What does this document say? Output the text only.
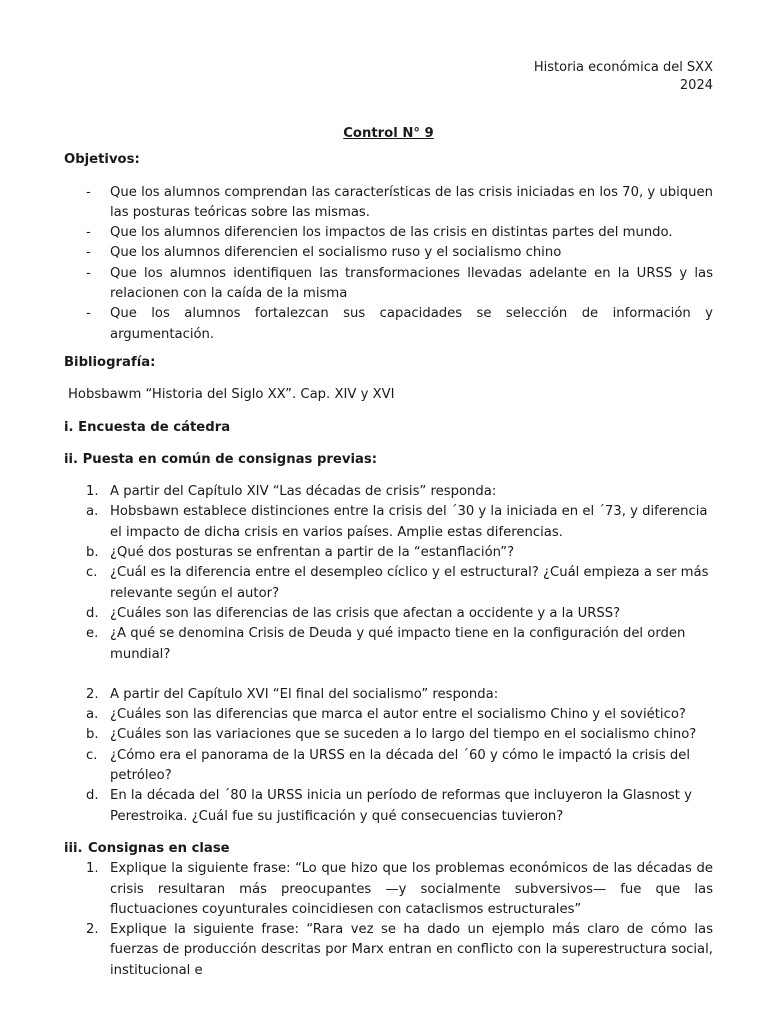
Historia económica del SXX
2024
Control N° 9
Objetivos:
-	Que los alumnos comprendan las características de las crisis iniciadas en los 70, y ubiquen las posturas teóricas sobre las mismas.
-	Que los alumnos diferencien los impactos de las crisis en distintas partes del mundo.
-	Que los alumnos diferencien el socialismo ruso y el socialismo chino
-	Que los alumnos identifiquen las transformaciones llevadas adelante en la URSS y las relacionen con la caída de la misma
-	Que los alumnos fortalezcan sus capacidades se selección de información y argumentación.
Bibliografía:
Hobsbawm “Historia del Siglo XX”. Cap. XIV y XVI
i. Encuesta de cátedra
ii. Puesta en común de consignas previas:
1. A partir del Capítulo XIV “Las décadas de crisis” responda:
a. Hobsbawn establece distinciones entre la crisis del ´30 y la iniciada en el ´73, y diferencia el impacto de dicha crisis en varios países. Amplie estas diferencias.
b. ¿Qué dos posturas se enfrentan a partir de la “estanflación”?
c. ¿Cuál es la diferencia entre el desempleo cíclico y el estructural? ¿Cuál empieza a ser más relevante según el autor?
d. ¿Cuáles son las diferencias de las crisis que afectan a occidente y a la URSS?
e. ¿A qué se denomina Crisis de Deuda y qué impacto tiene en la configuración del orden mundial?
2. A partir del Capítulo XVI “El final del socialismo” responda:
a. ¿Cuáles son las diferencias que marca el autor entre el socialismo Chino y el soviético?
b. ¿Cuáles son las variaciones que se suceden a lo largo del tiempo en el socialismo chino?
c. ¿Cómo era el panorama de la URSS en la década del ´60 y cómo le impactó la crisis del petróleo?
d. En la década del ´80 la URSS inicia un período de reformas que incluyeron la Glasnost y Perestroika. ¿Cuál fue su justificación y qué consecuencias tuvieron?
iii. Consignas en clase
1. Explique la siguiente frase: “Lo que hizo que los problemas económicos de las décadas de crisis resultaran más preocupantes —y socialmente subversivos— fue que las fluctuaciones coyunturales coincidiesen con cataclismos estructurales”
2. Explique la siguiente frase: “Rara vez se ha dado un ejemplo más claro de cómo las fuerzas de producción descritas por Marx entran en conflicto con la superestructura social, institucional e
